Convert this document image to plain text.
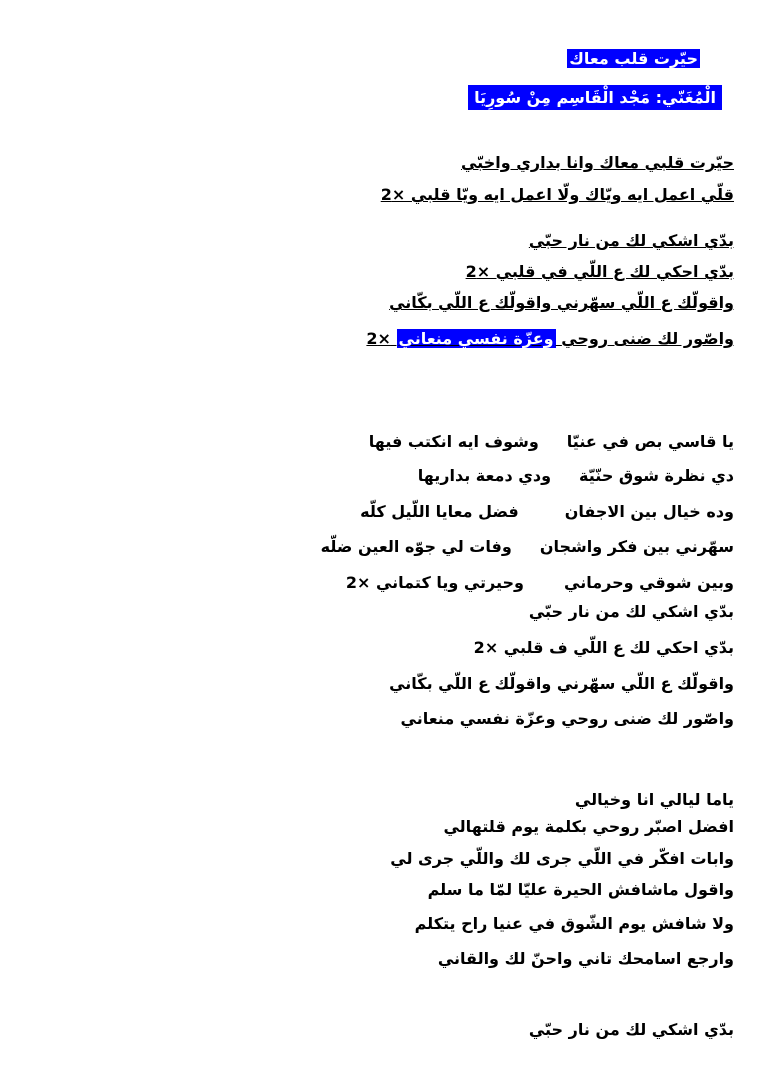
حيّرت قلب معاك
الْمُغَنّي: مَجْد الْقَاسِم مِنْ سُورِيَا
حيّرت قلبي معاك وانا بداري واخبّي
قلّي اعمل ايه ويّاك ولّا اعمل ايه ويّا قلبي ×2
بدّي اشكي لك من نار حبّي
بدّي احكي لك ع اللّي في قلبي ×2
واقولّك ع اللّي سهّرني واقولّك ع اللّي بكّاني
واصّور لك ضنى روحي وعزّة نفسي منعاني ×2
يا قاسي بص في عنيّاوشوف ايه انكتب فيها
دي نظرة شوق حنّيّةودي دمعة بداريها
وده خيال بين الاجفانفضل معايا اللّيل كلّه
سهّرني بين فكر واشجانوفات لي جوّه العين ضلّه
وبين شوقي وحرمانيوحيرتي ويا كتماني ×2
بدّي اشكي لك من نار حبّي
بدّي احكي لك ع اللّي ف قلبي ×2
واقولّك ع اللّي سهّرني واقولّك ع اللّي بكّاني
واصّور لك ضنى روحي وعزّة نفسي منعاني
ياما ليالي انا وخيالي
افضل اصبّر روحي بكلمة يوم قلتهالي
وابات افكّر في اللّي جرى لك واللّي جرى لي
واقول ماشافش الحيرة عليّا لمّا ما سلم
ولا شافش يوم الشّوق في عنيا راح يتكلم
وارجع اسامحك تاني واحنّ لك والقاني
بدّي اشكي لك من نار حبّي
